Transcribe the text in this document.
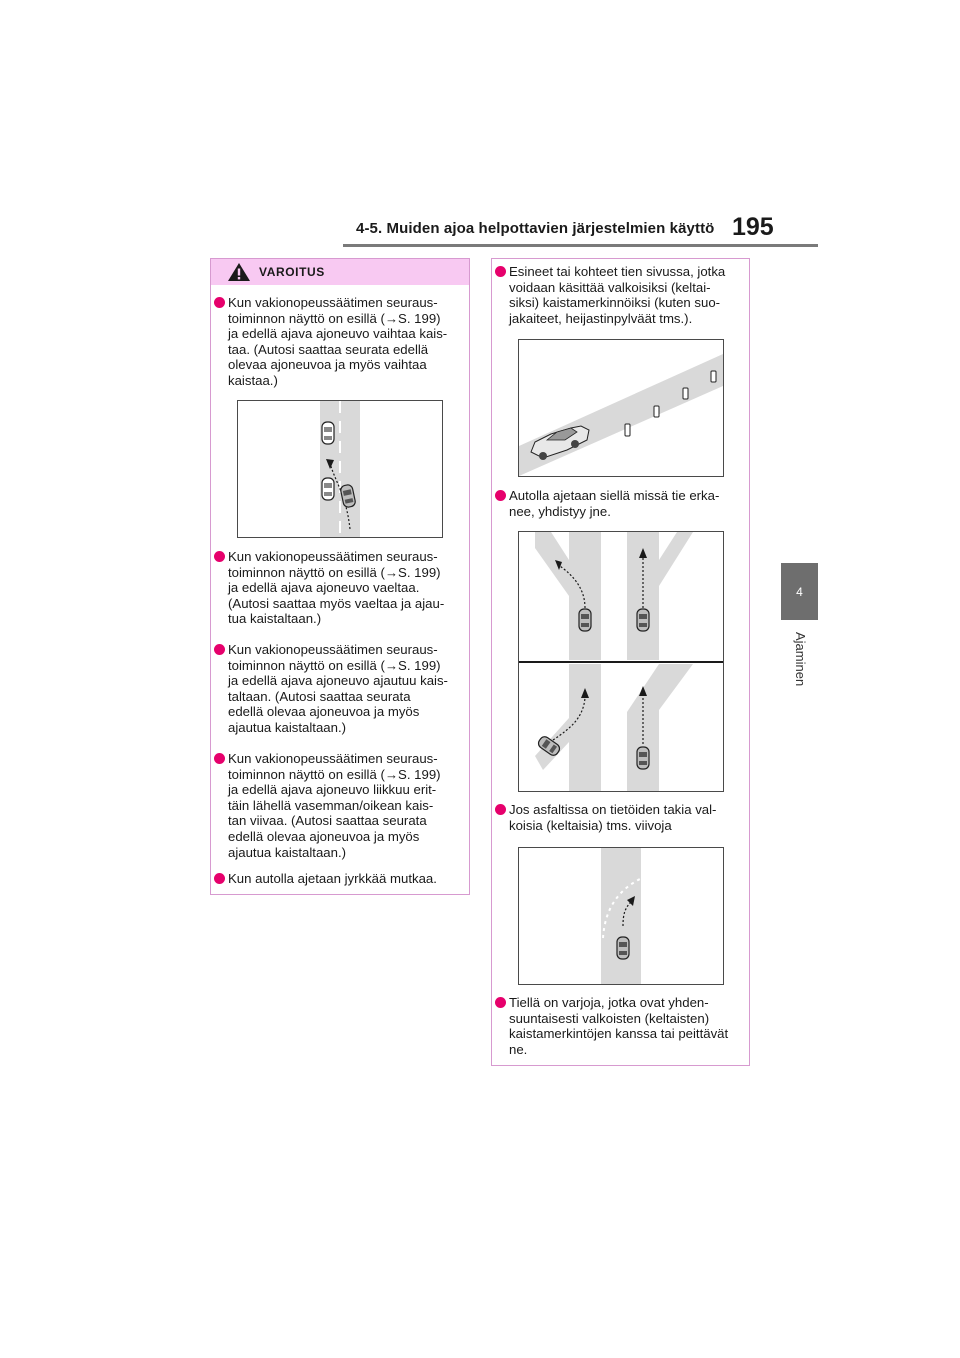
4-5. Muiden ajoa helpottavien järjestelmien käyttö 195
4
Ajaminen
VAROITUS
Kun vakionopeussäätimen seuraus-
toiminnon näyttö on esillä (→S. 199)
ja edellä ajava ajoneuvo vaihtaa kais-
taa. (Autosi saattaa seurata edellä
olevaa ajoneuvoa ja myös vaihtaa
kaistaa.)
Kun vakionopeussäätimen seuraus-
toiminnon näyttö on esillä (→S. 199)
ja edellä ajava ajoneuvo vaeltaa.
(Autosi saattaa myös vaeltaa ja ajau-
tua kaistaltaan.)
Kun vakionopeussäätimen seuraus-
toiminnon näyttö on esillä (→S. 199)
ja edellä ajava ajoneuvo ajautuu kais-
taltaan. (Autosi saattaa seurata
edellä olevaa ajoneuvoa ja myös
ajautua kaistaltaan.)
Kun vakionopeussäätimen seuraus-
toiminnon näyttö on esillä (→S. 199)
ja edellä ajava ajoneuvo liikkuu erit-
täin lähellä vasemman/oikean kais-
tan viivaa. (Autosi saattaa seurata
edellä olevaa ajoneuvoa ja myös
ajautua kaistaltaan.)
Kun autolla ajetaan jyrkkää mutkaa.
Esineet tai kohteet tien sivussa, jotka
voidaan käsittää valkoisiksi (keltai-
siksi) kaistamerkinnöiksi (kuten suo-
jakaiteet, heijastinpylväät tms.).
Autolla ajetaan siellä missä tie erka-
nee, yhdistyy jne.
Jos asfaltissa on tietöiden takia val-
koisia (keltaisia) tms. viivoja
Tiellä on varjoja, jotka ovat yhden-
suuntaisesti valkoisten (keltaisten)
kaistamerkintöjen kanssa tai peittävät
ne.
